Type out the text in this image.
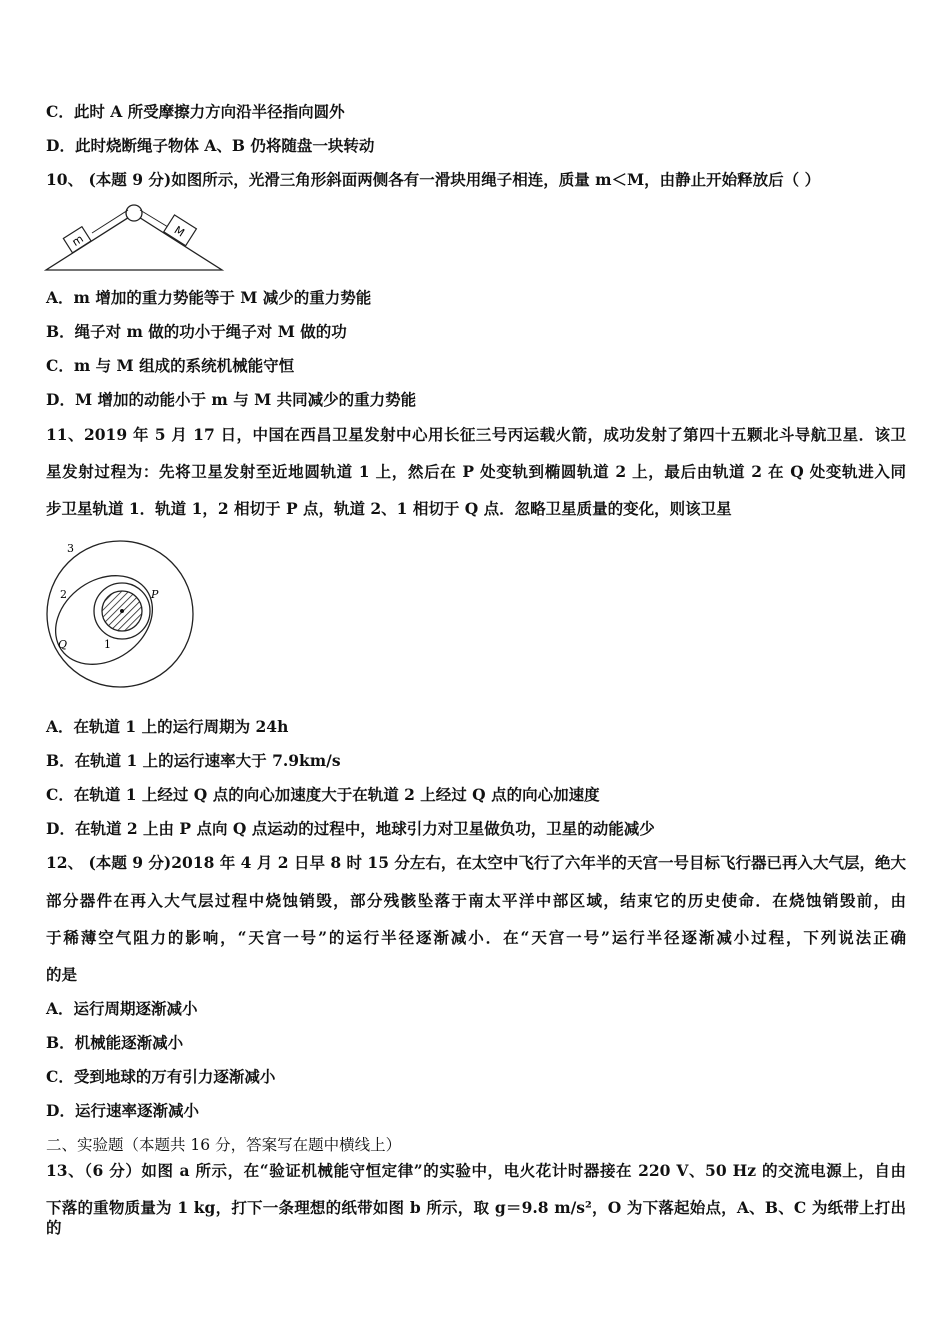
C．此时 A 所受摩擦力方向沿半径指向圆外
D．此时烧断绳子物体 A、B 仍将随盘一块转动
10、 (本题 9 分)如图所示，光滑三角形斜面两侧各有一滑块用绳子相连，质量 m＜M，由静止开始释放后（ ）
m
M
A．m 增加的重力势能等于 M 减少的重力势能
B．绳子对 m 做的功小于绳子对 M 做的功
C．m 与 M 组成的系统机械能守恒
D．M 增加的动能小于 m 与 M 共同减少的重力势能
11、2019 年 5 月 17 日，中国在西昌卫星发射中心用长征三号丙运载火箭，成功发射了第四十五颗北斗导航卫星．该卫
星发射过程为：先将卫星发射至近地圆轨道 1 上，然后在 P 处变轨到椭圆轨道 2 上，最后由轨道 2 在 Q 处变轨进入同
步卫星轨道 1．轨道 1，2 相切于 P 点，轨道 2、1 相切于 Q 点．忽略卫星质量的变化，则该卫星
3
2
1
P
Q
A．在轨道 1 上的运行周期为 24h
B．在轨道 1 上的运行速率大于 7.9km/s
C．在轨道 1 上经过 Q 点的向心加速度大于在轨道 2 上经过 Q 点的向心加速度
D．在轨道 2 上由 P 点向 Q 点运动的过程中，地球引力对卫星做负功，卫星的动能减少
12、 (本题 9 分)2018 年 4 月 2 日早 8 时 15 分左右，在太空中飞行了六年半的天宫一号目标飞行器已再入大气层，绝大
部分器件在再入大气层过程中烧蚀销毁，部分残骸坠落于南太平洋中部区域，结束它的历史使命．在烧蚀销毁前，由
于稀薄空气阻力的影响，“天宫一号”的运行半径逐渐减小．在“天宫一号”运行半径逐渐减小过程，下列说法正确
的是
A．运行周期逐渐减小
B．机械能逐渐减小
C．受到地球的万有引力逐渐减小
D．运行速率逐渐减小
二、实验题（本题共 16 分，答案写在题中横线上）
13、（6 分）如图 a 所示，在“验证机械能守恒定律”的实验中，电火花计时器接在 220 V、50 Hz 的交流电源上，自由
下落的重物质量为 1 kg，打下一条理想的纸带如图 b 所示，取 g＝9.8 m/s²，O 为下落起始点，A、B、C 为纸带上打出的
